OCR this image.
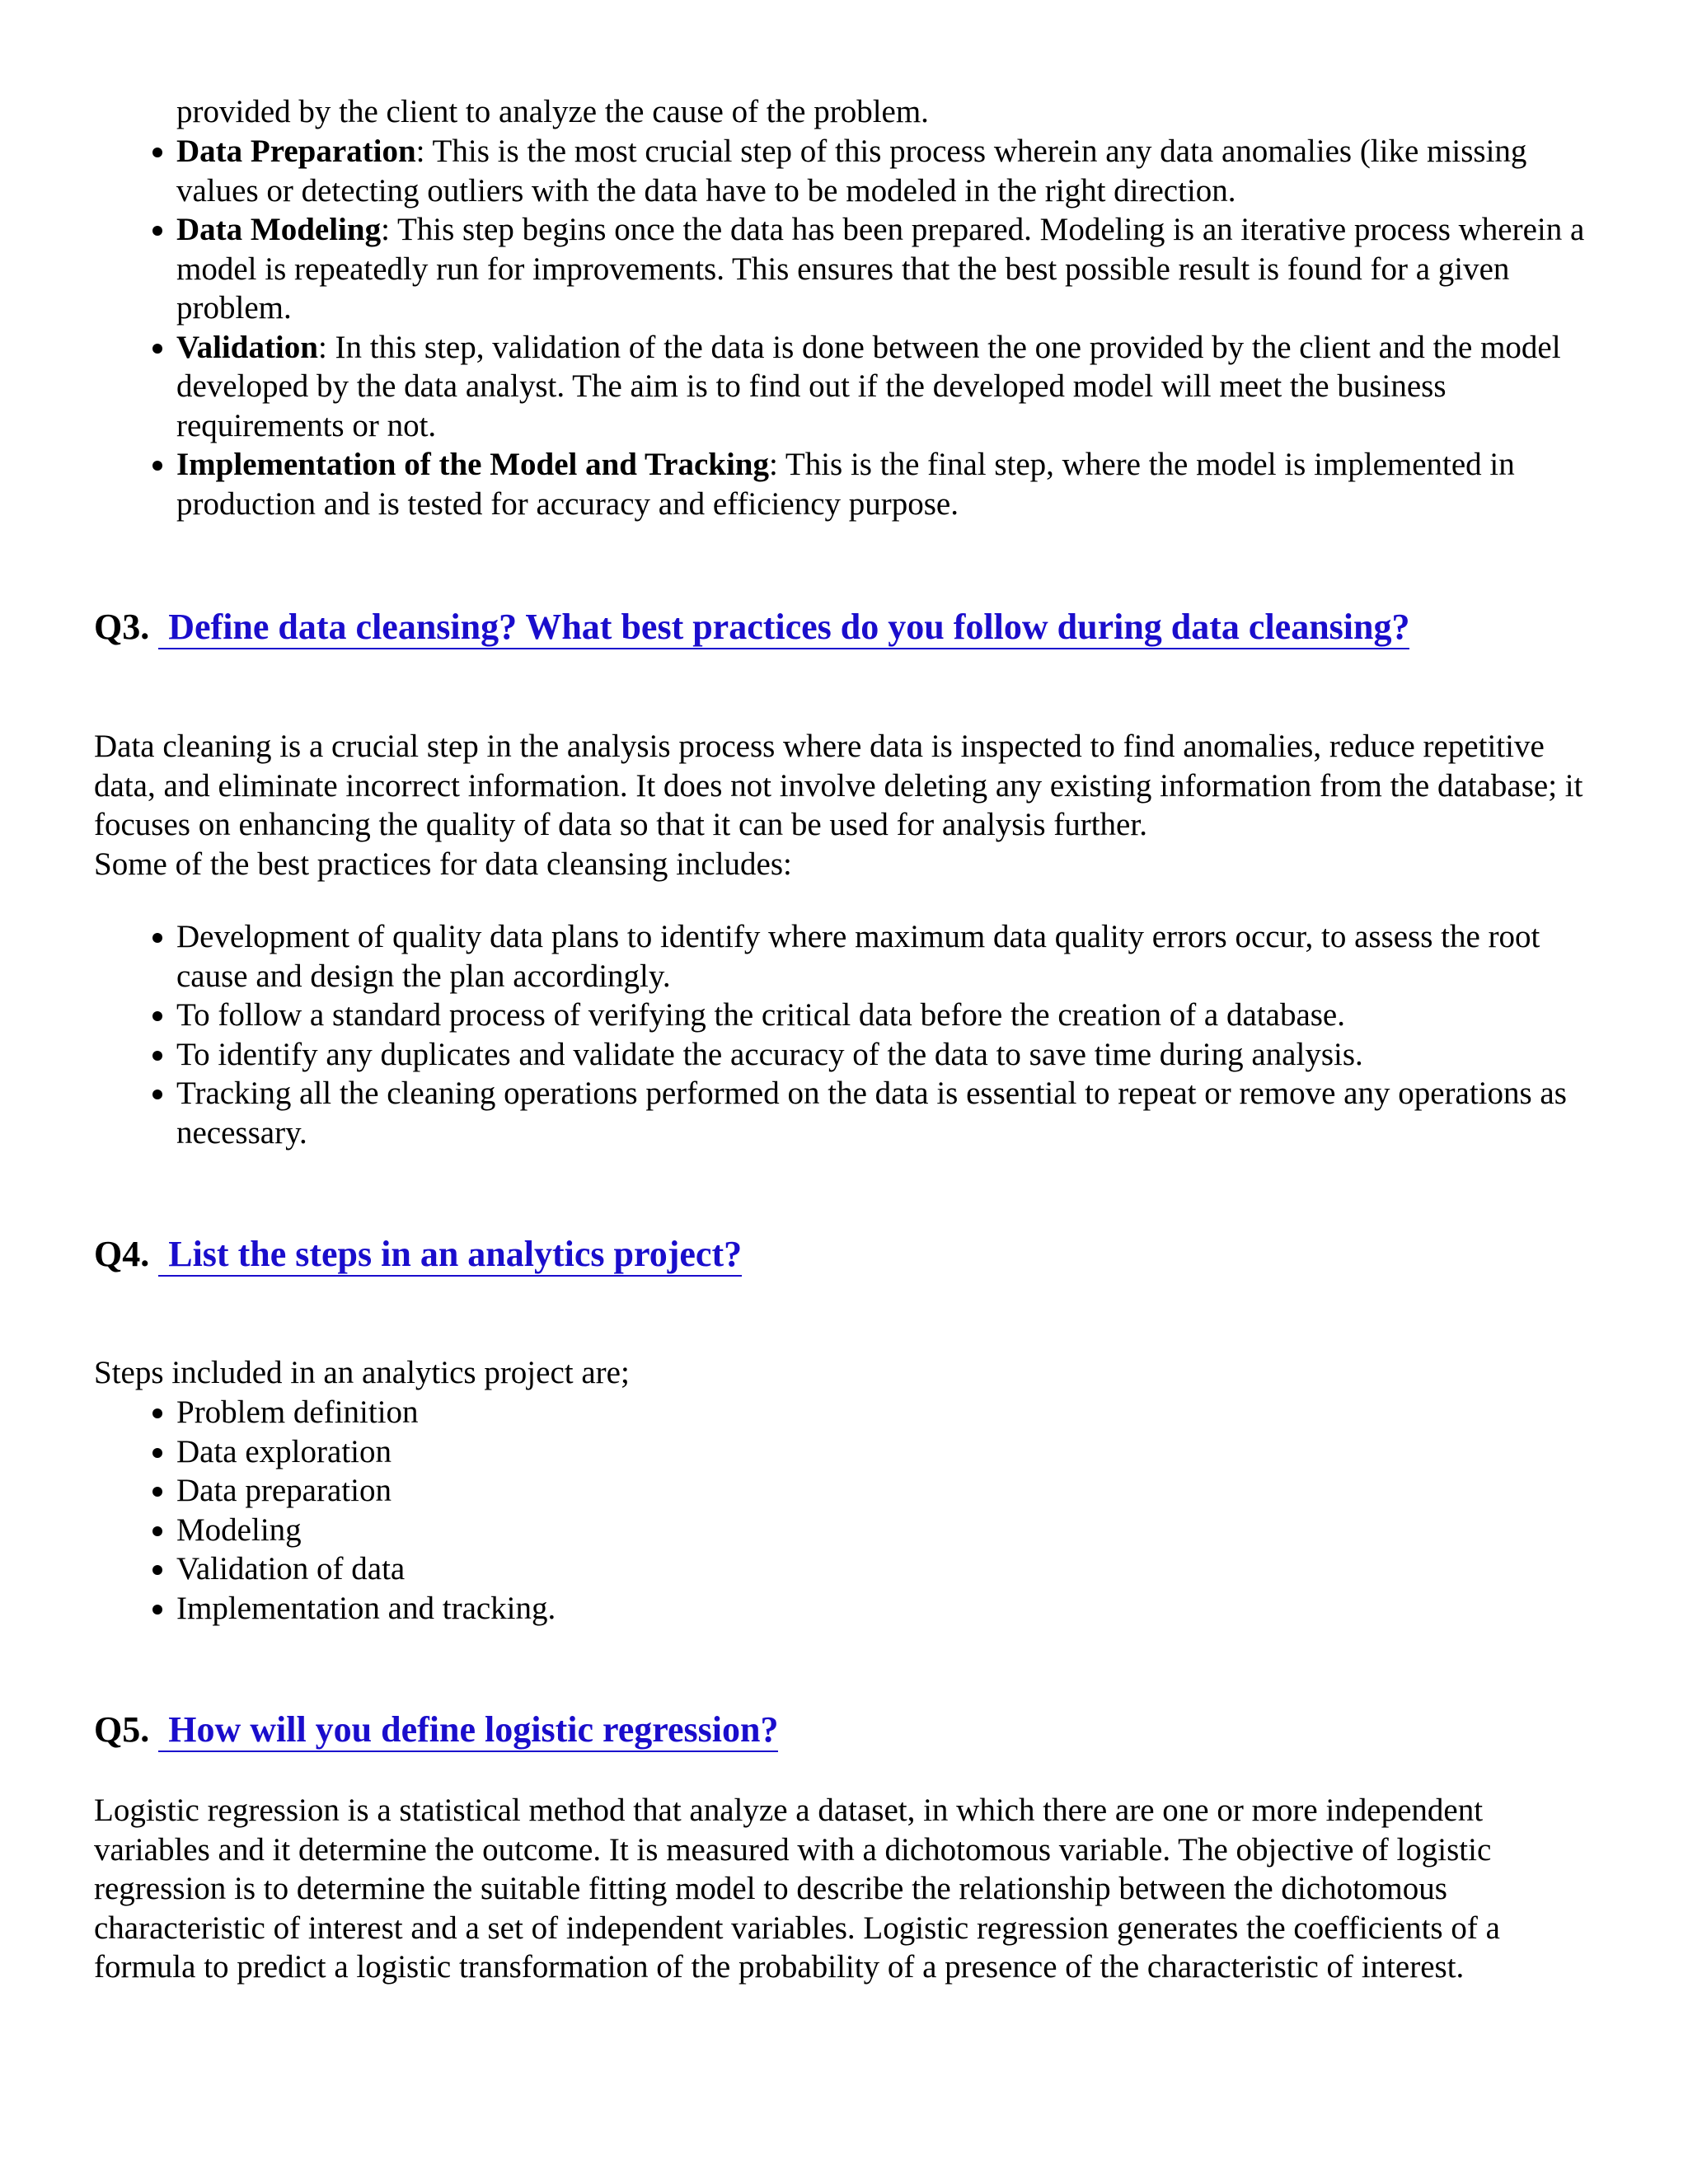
provided by the client to analyze the cause of the problem.

Data Preparation: This is the most crucial step of this process wherein any data anomalies (like missing values or detecting outliers with the data have to be modeled in the right direction.
Data Modeling: This step begins once the data has been prepared. Modeling is an iterative process wherein a model is repeatedly run for improvements. This ensures that the best possible result is found for a given problem.
Validation: In this step, validation of the data is done between the one provided by the client and the model developed by the data analyst. The aim is to find out if the developed model will meet the business requirements or not.
Implementation of the Model and Tracking: This is the final step, where the model is implemented in production and is tested for accuracy and efficiency purpose.
Q3. Define data cleansing? What best practices do you follow during data cleansing?

Data cleaning is a crucial step in the analysis process where data is inspected to find anomalies, reduce repetitive data, and eliminate incorrect information. It does not involve deleting any existing information from the database; it focuses on enhancing the quality of data so that it can be used for analysis further.

Some of the best practices for data cleansing includes:

Development of quality data plans to identify where maximum data quality errors occur, to assess the root cause and design the plan accordingly.
To follow a standard process of verifying the critical data before the creation of a database.
To identify any duplicates and validate the accuracy of the data to save time during analysis.
Tracking all the cleaning operations performed on the data is essential to repeat or remove any operations as necessary.
Q4. List the steps in an analytics project?

Steps included in an analytics project are;

Problem definition
Data exploration
Data preparation
Modeling
Validation of data
Implementation and tracking.
Q5. How will you define logistic regression?

Logistic regression is a statistical method that analyze a dataset, in which there are one or more independent variables and it determine the outcome. It is measured with a dichotomous variable. The objective of logistic regression is to determine the suitable fitting model to describe the relationship between the dichotomous characteristic of interest and a set of independent variables. Logistic regression generates the coefficients of a formula to predict a logistic transformation of the probability of a presence of the characteristic of interest.
